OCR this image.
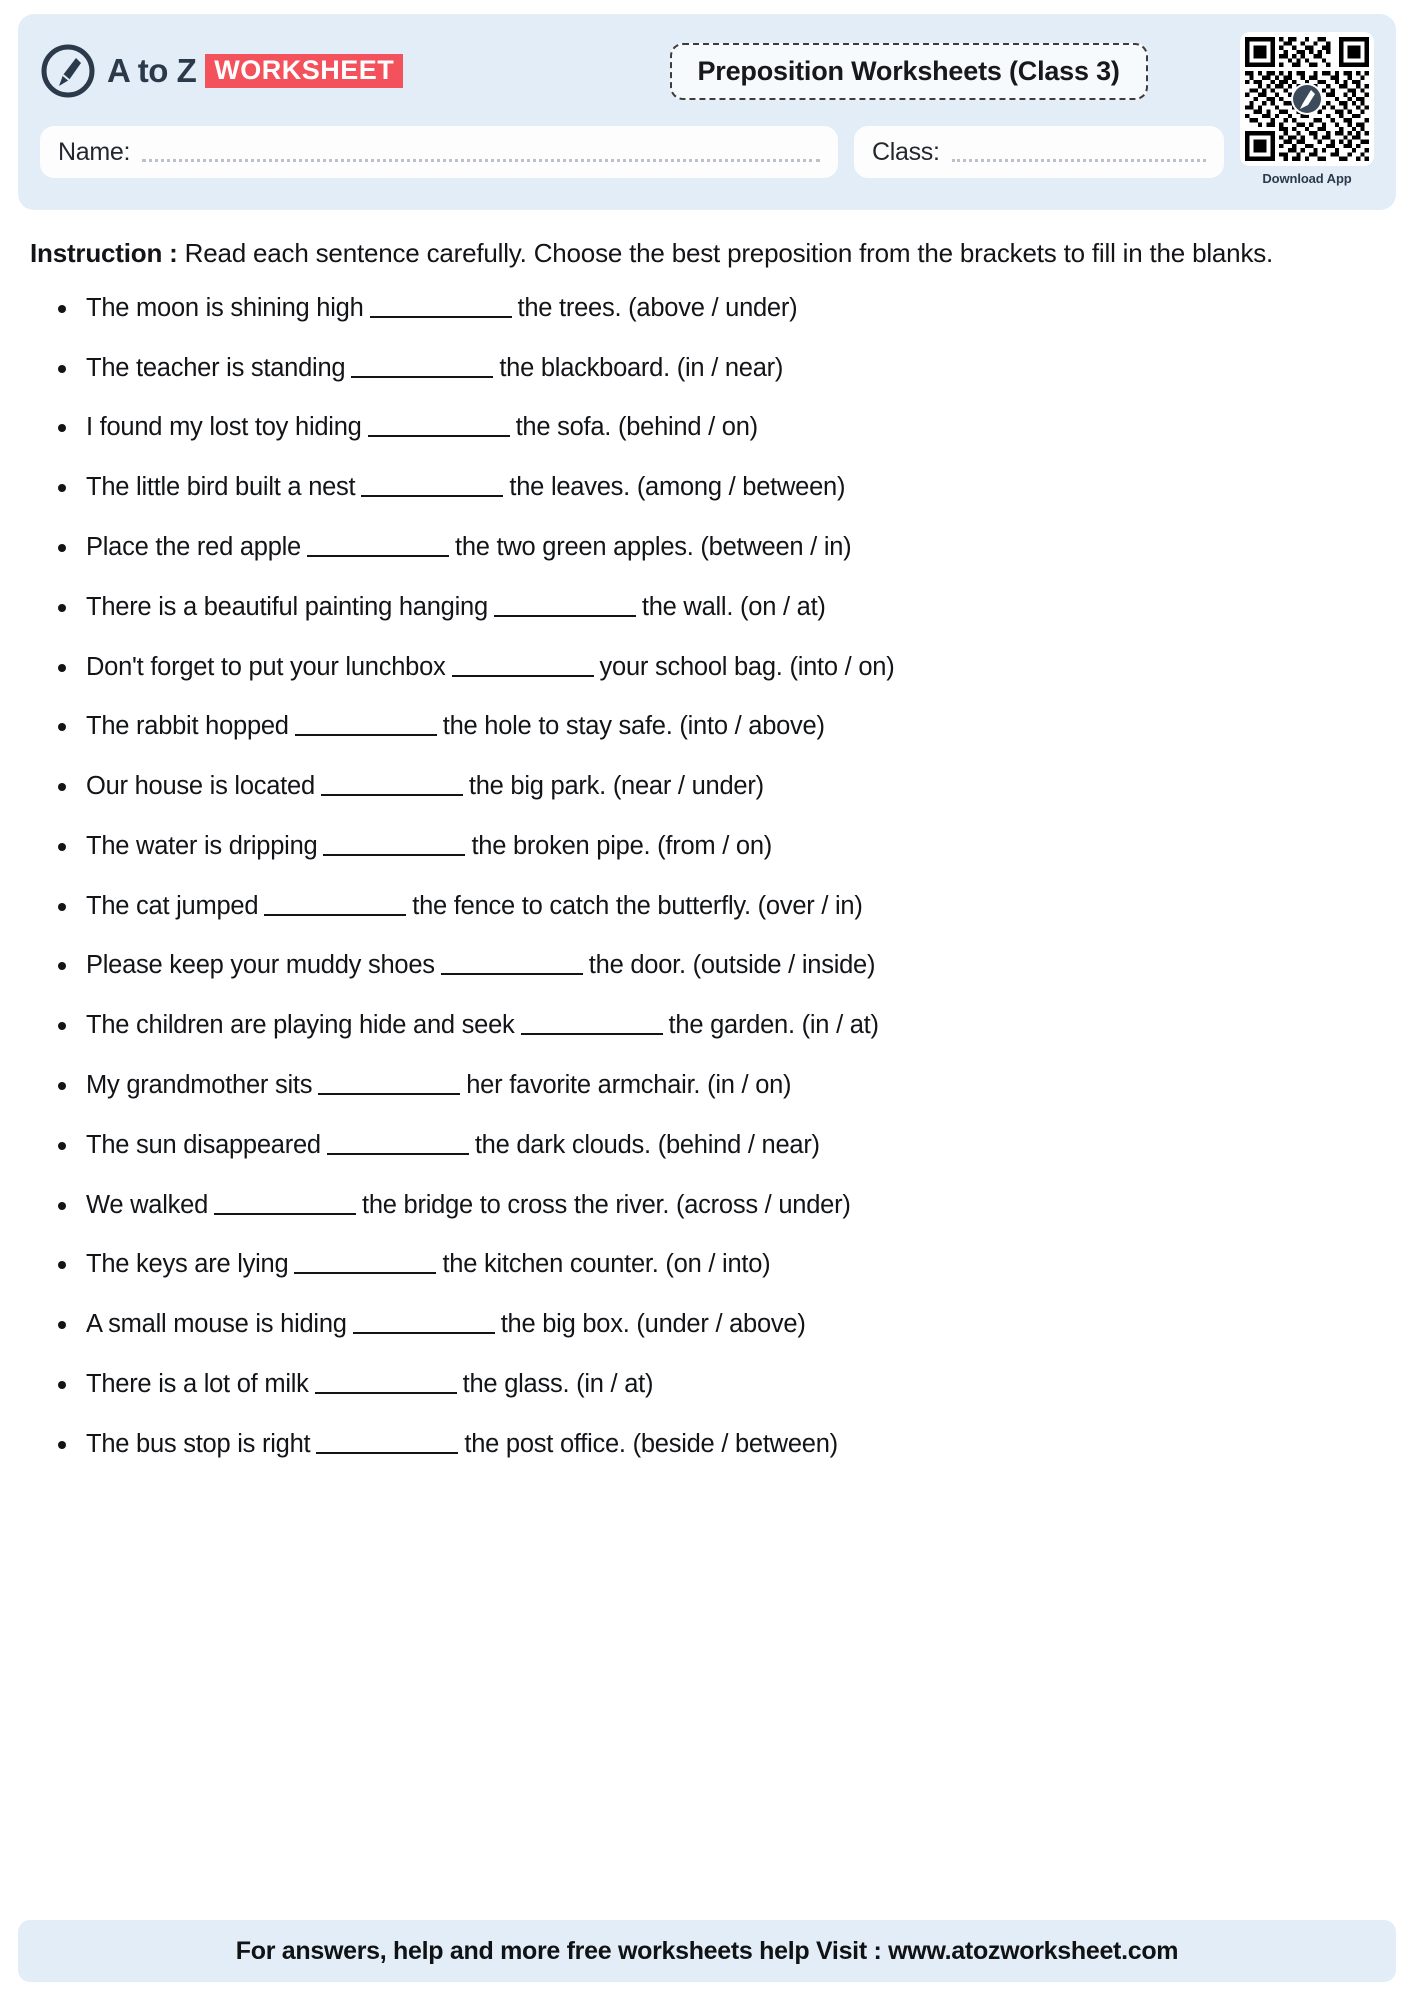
A to Z WORKSHEET	Preposition Worksheets (Class 3)
Download App
Name:	Class:
Instruction : Read each sentence carefully. Choose the best preposition from the brackets to fill in the blanks.
The moon is shining high	the trees. (above / under)
The teacher is standing	the blackboard. (in / near)
I found my lost toy hiding	the sofa. (behind / on)
The little bird built a nest	the leaves. (among / between)
Place the red apple	the two green apples. (between / in)
There is a beautiful painting hanging	the wall. (on / at)
Don't forget to put your lunchbox	your school bag. (into / on)
The rabbit hopped	the hole to stay safe. (into / above)
Our house is located	the big park. (near / under)
The water is dripping	the broken pipe. (from / on)
The cat jumped	the fence to catch the butterfly. (over / in)
Please keep your muddy shoes	the door. (outside / inside)
The children are playing hide and seek	the garden. (in / at)
My grandmother sits	her favorite armchair. (in / on)
The sun disappeared	the dark clouds. (behind / near)
We walked	the bridge to cross the river. (across / under)
The keys are lying	the kitchen counter. (on / into)
A small mouse is hiding	the big box. (under / above)
There is a lot of milk	the glass. (in / at)
The bus stop is right	the post office. (beside / between)
For answers, help and more free worksheets help Visit : www.atozworksheet.com
